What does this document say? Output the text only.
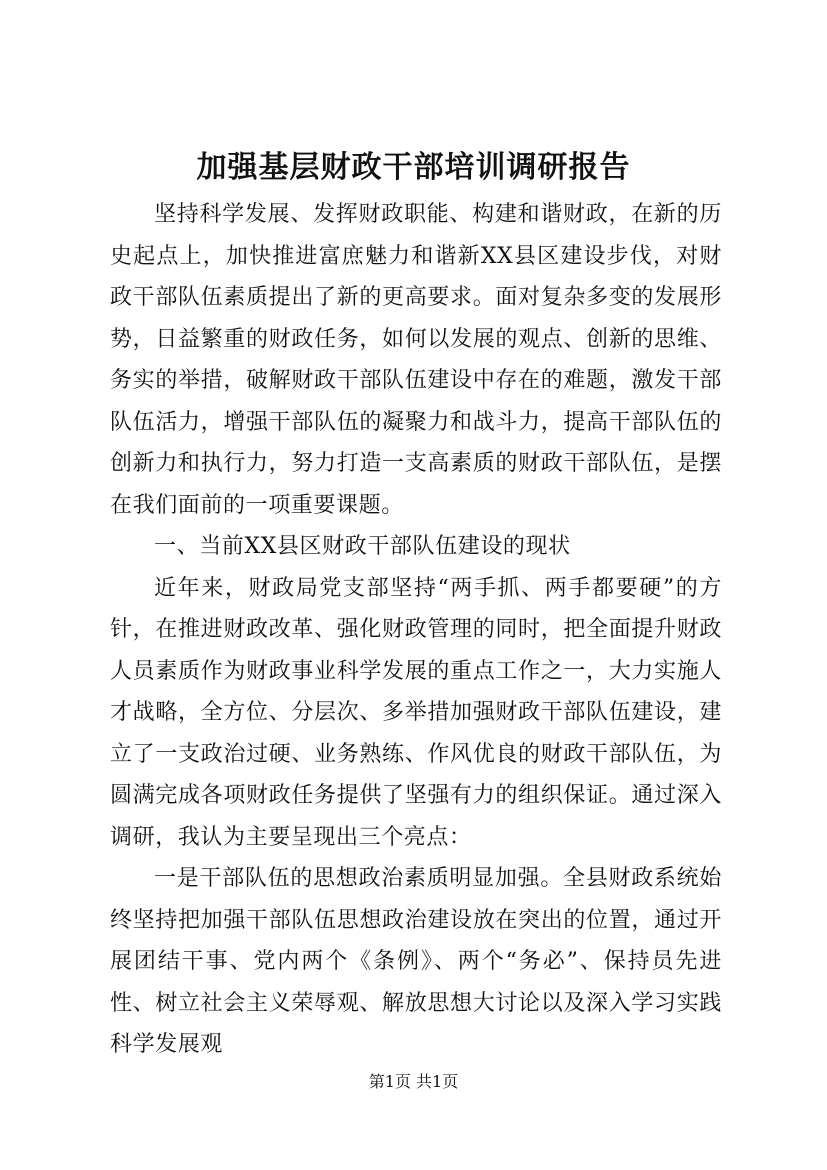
加强基层财政干部培训调研报告

坚持科学发展、发挥财政职能、构建和谐财政，在新的历史起点上，加快推进富庶魅力和谐新XX县区建设步伐，对财政干部队伍素质提出了新的更高要求。面对复杂多变的发展形势，日益繁重的财政任务，如何以发展的观点、创新的思维、务实的举措，破解财政干部队伍建设中存在的难题，激发干部队伍活力，增强干部队伍的凝聚力和战斗力，提高干部队伍的创新力和执行力，努力打造一支高素质的财政干部队伍，是摆在我们面前的一项重要课题。

一、当前XX县区财政干部队伍建设的现状

近年来，财政局党支部坚持“两手抓、两手都要硬”的方针，在推进财政改革、强化财政管理的同时，把全面提升财政人员素质作为财政事业科学发展的重点工作之一，大力实施人才战略，全方位、分层次、多举措加强财政干部队伍建设，建立了一支政治过硬、业务熟练、作风优良的财政干部队伍，为圆满完成各项财政任务提供了坚强有力的组织保证。通过深入调研，我认为主要呈现出三个亮点：

一是干部队伍的思想政治素质明显加强。全县财政系统始终坚持把加强干部队伍思想政治建设放在突出的位置，通过开展团结干事、党内两个《条例》、两个“务必”、保持员先进性、树立社会主义荣辱观、解放思想大讨论以及深入学习实践科学发展观

第1页 共1页
